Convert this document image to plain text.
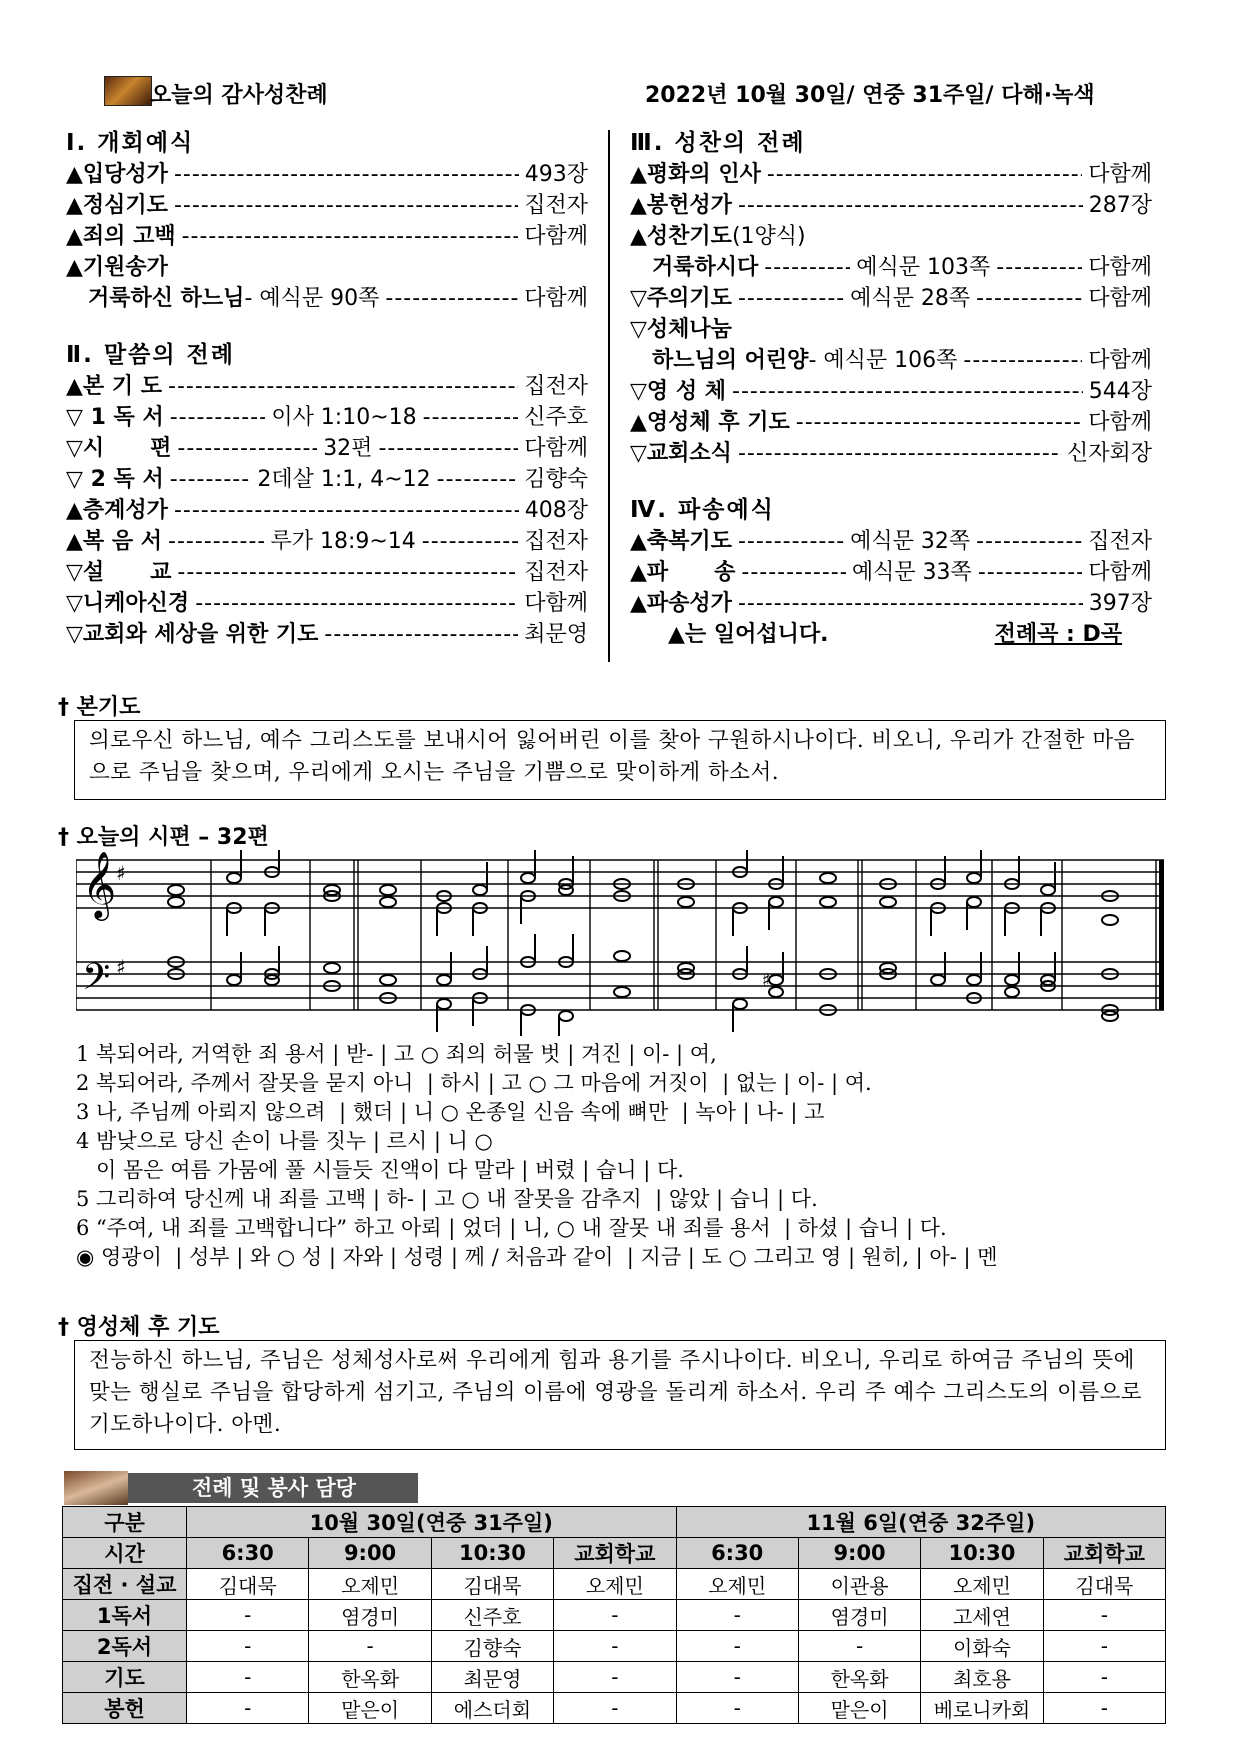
오늘의 감사성찬례	2022년 10월 30일/ 연중 31주일/ 다해·녹색
Ⅰ. 개회예식
▲입당성가 -----	493장
▲정심기도 -----	집전자
▲죄의 고백 -----	다함께
▲기원송가
거룩하신 하느님 - 예식문 90쪽 -----	다함께
Ⅱ. 말씀의 전례
▲본 기 도 -----	집전자
▽ 1 독 서 -----	이사 1:10~18 -----	신주호
▽시      편 -----	32편 -----	다함께
▽ 2 독 서 -----	2데살 1:1, 4~12 -----	김향숙
▲층계성가 -----	408장
▲복 음 서 -----	루가 18:9~14 -----	집전자
▽설      교 -----	집전자
▽니케아신경 -----	다함께
▽교회와 세상을 위한 기도 -----	최문영
Ⅲ. 성찬의 전례
▲평화의 인사 -----	다함께
▲봉헌성가 -----	287장
▲성찬기도 (1양식)
거룩하시다 -----	예식문 103쪽 -----	다함께
▽주의기도 -----	예식문 28쪽 -----	다함께
▽성체나눔
하느님의 어린양 - 예식문 106쪽 -----	다함께
▽영 성 체 -----	544장
▲영성체 후 기도 -----	다함께
▽교회소식 -----	신자회장
Ⅳ. 파송예식
▲축복기도 -----	예식문 32쪽 -----	집전자
▲파      송 -----	예식문 33쪽 -----	다함께
▲파송성가 -----	397장
▲는 일어섭니다.	전례곡 : D곡
† 본기도
의로우신 하느님, 예수 그리스도를 보내시어 잃어버린 이를 찾아 구원하시나이다. 비오니, 우리가 간절한 마음으로 주님을 찾으며, 우리에게 오시는 주님을 기쁨으로 맞이하게 하소서.
† 오늘의 시편 – 32편
𝄞
𝄢
♯
♯
♯
1 복되어라, 거역한 죄 용서 | 받- | 고 ○ 죄의 허물 벗 | 겨진 | 이- | 여,
2 복되어라, 주께서 잘못을 묻지 아니  | 하시 | 고 ○ 그 마음에 거짓이  | 없는 | 이- | 여.
3 나, 주님께 아뢰지 않으려  | 했더 | 니 ○ 온종일 신음 속에 뼈만  | 녹아 | 나- | 고
4 밤낮으로 당신 손이 나를 짓누 | 르시 | 니 ○
이 몸은 여름 가뭄에 풀 시들듯 진액이 다 말라 | 버렸 | 습니 | 다.
5 그리하여 당신께 내 죄를 고백 | 하- | 고 ○ 내 잘못을 감추지  | 않았 | 습니 | 다.
6 “주여, 내 죄를 고백합니다” 하고 아뢰 | 었더 | 니, ○ 내 잘못 내 죄를 용서  | 하셨 | 습니 | 다.
◉ 영광이  | 성부 | 와 ○ 성 | 자와 | 성령 | 께 / 처음과 같이  | 지금 | 도 ○ 그리고 영 | 원히, | 아- | 멘
† 영성체 후 기도
전능하신 하느님, 주님은 성체성사로써 우리에게 힘과 용기를 주시나이다. 비오니, 우리로 하여금 주님의 뜻에 맞는 행실로 주님을 합당하게 섬기고, 주님의 이름에 영광을 돌리게 하소서. 우리 주 예수 그리스도의 이름으로 기도하나이다. 아멘.
전례 및 봉사 담당
구분	10월 30일(연중 31주일)				11월 6일(연중 32주일)			
시간	6:30	9:00	10:30	교회학교	6:30	9:00	10:30	교회학교
집전 · 설교	김대묵	오제민	김대묵	오제민	오제민	이관용	오제민	김대묵
1독서	-	염경미	신주호	-	-	염경미	고세연	-
2독서	-	-	김향숙	-	-	-	이화숙	-
기도	-	한옥화	최문영	-	-	한옥화	최호용	-
봉헌	-	맡은이	에스더회	-	-	맡은이	베로니카회	-
